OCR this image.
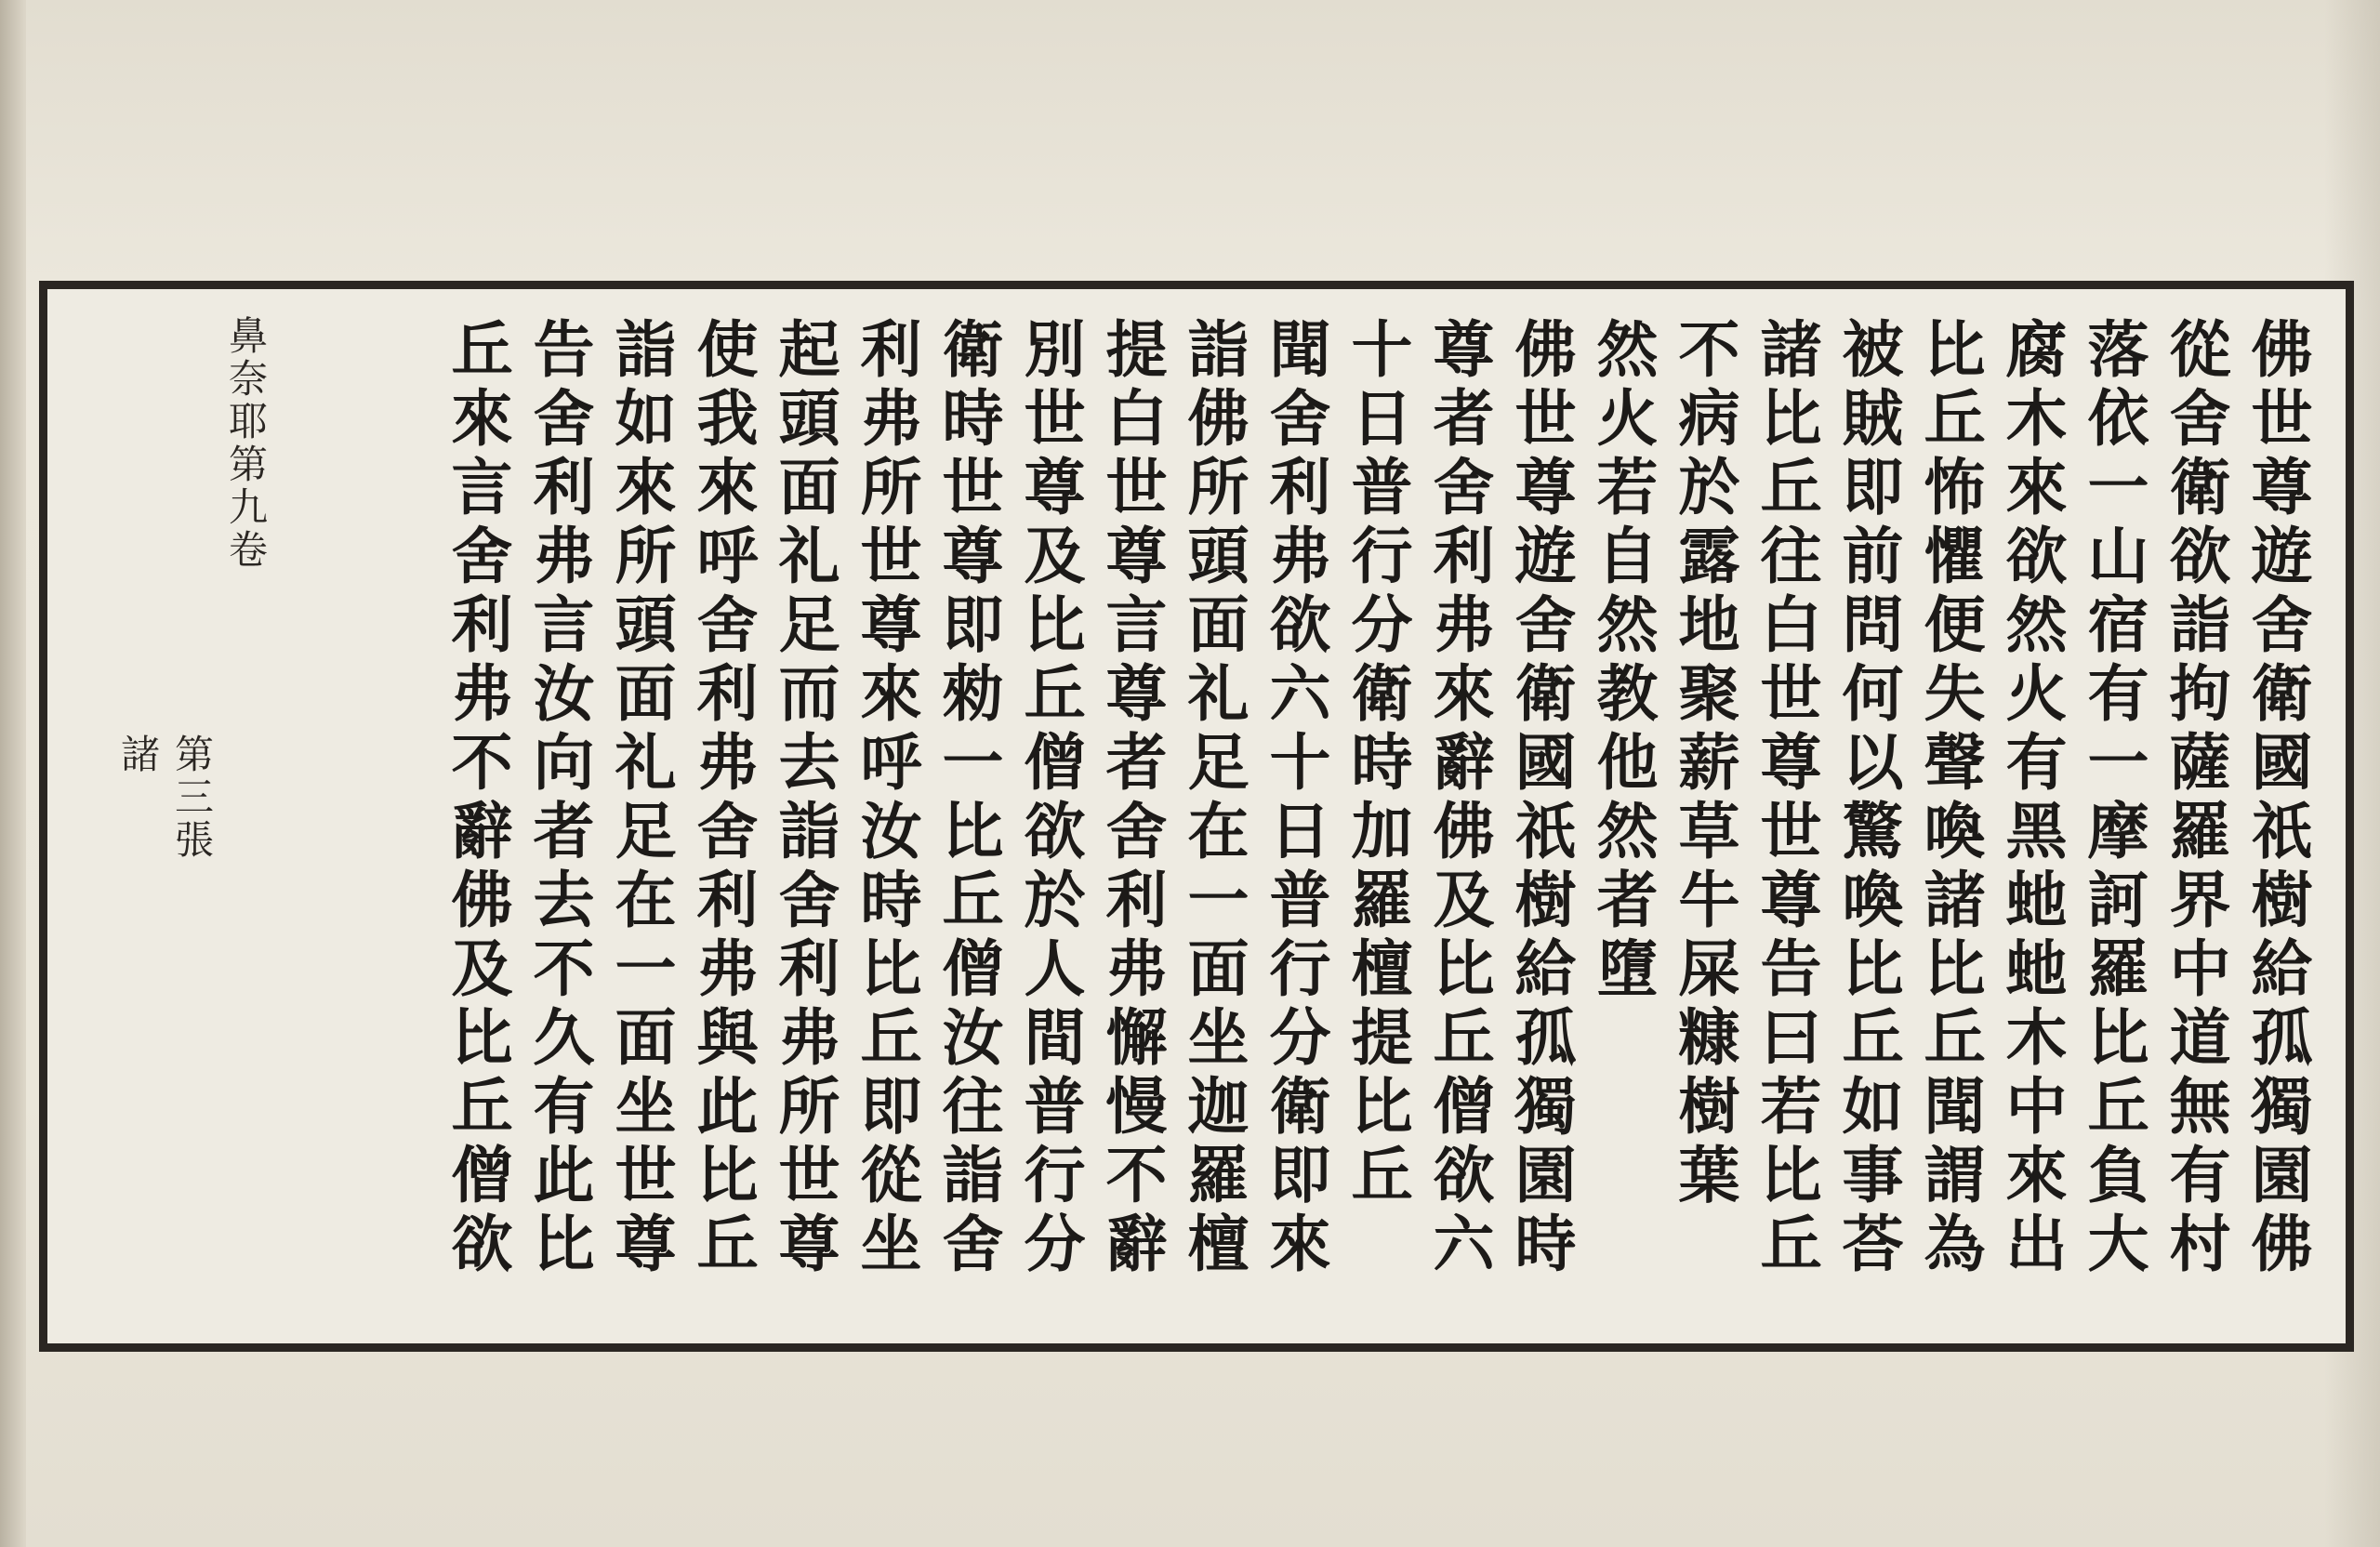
佛世尊遊舍衛國祇樹給孤獨園佛
從舍衛欲詣拘薩羅界中道無有村
落依一山宿有一摩訶羅比丘負大
腐木來欲然火有黑虵虵木中來出
比丘怖懼便失聲喚諸比丘聞謂為
被賊即前問何以驚喚比丘如事荅
諸比丘往白世尊世尊告曰若比丘
不病於露地聚薪草牛屎糠樹葉
然火若自然教他然者墮
佛世尊遊舍衛國祇樹給孤獨園時
尊者舍利弗來辭佛及比丘僧欲六
十日普行分衛時加羅檀提比丘
聞舍利弗欲六十日普行分衛即來
詣佛所頭面礼足在一面坐迦羅檀
提白世尊言尊者舍利弗懈慢不辭
別世尊及比丘僧欲於人間普行分
衛時世尊即勑一比丘僧汝往詣舍
利弗所世尊來呼汝時比丘即從坐
起頭面礼足而去詣舍利弗所世尊
使我來呼舍利弗舍利弗與此比丘
詣如來所頭面礼足在一面坐世尊
告舍利弗言汝向者去不久有此比
丘來言舍利弗不辭佛及比丘僧欲
鼻奈耶第九卷
第三張
諸
